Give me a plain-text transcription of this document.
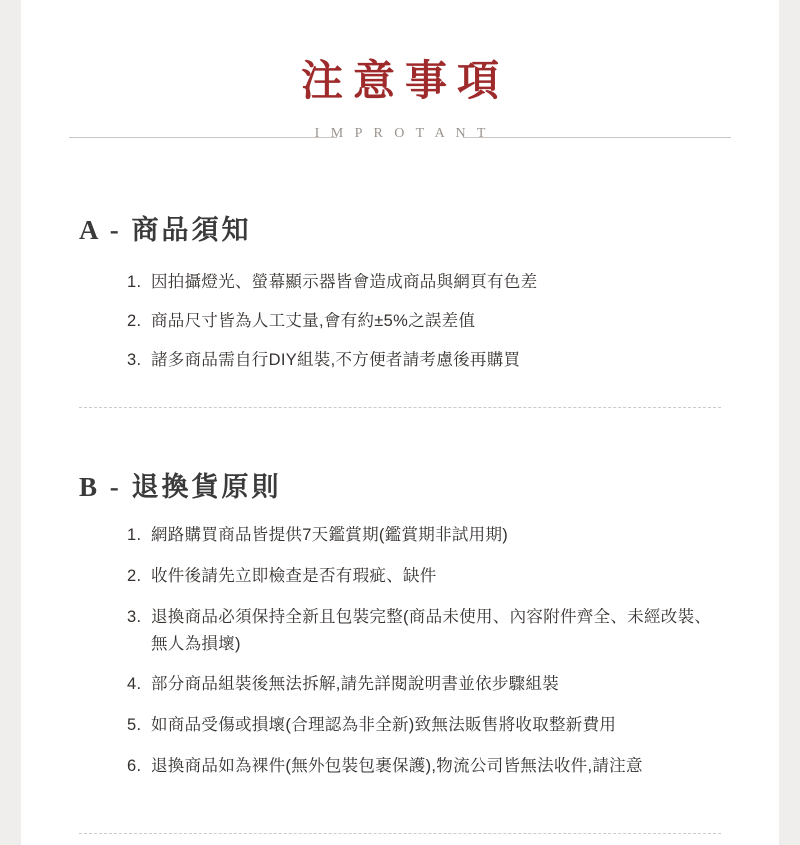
注意事項
I M P R O T A N T
A - 商品須知
因拍攝燈光、螢幕顯示器皆會造成商品與網頁有色差
商品尺寸皆為人工丈量,會有約±5%之誤差值
諸多商品需自行DIY組裝,不方便者請考慮後再購買
B - 退換貨原則
網路購買商品皆提供7天鑑賞期(鑑賞期非試用期)
收件後請先立即檢查是否有瑕疵、缺件
退換商品必須保持全新且包裝完整(商品未使用、內容附件齊全、未經改裝、無人為損壞)
部分商品組裝後無法拆解,請先詳閱說明書並依步驟組裝
如商品受傷或損壞(合理認為非全新)致無法販售將收取整新費用
退換商品如為裸件(無外包裝包裹保護),物流公司皆無法收件,請注意
